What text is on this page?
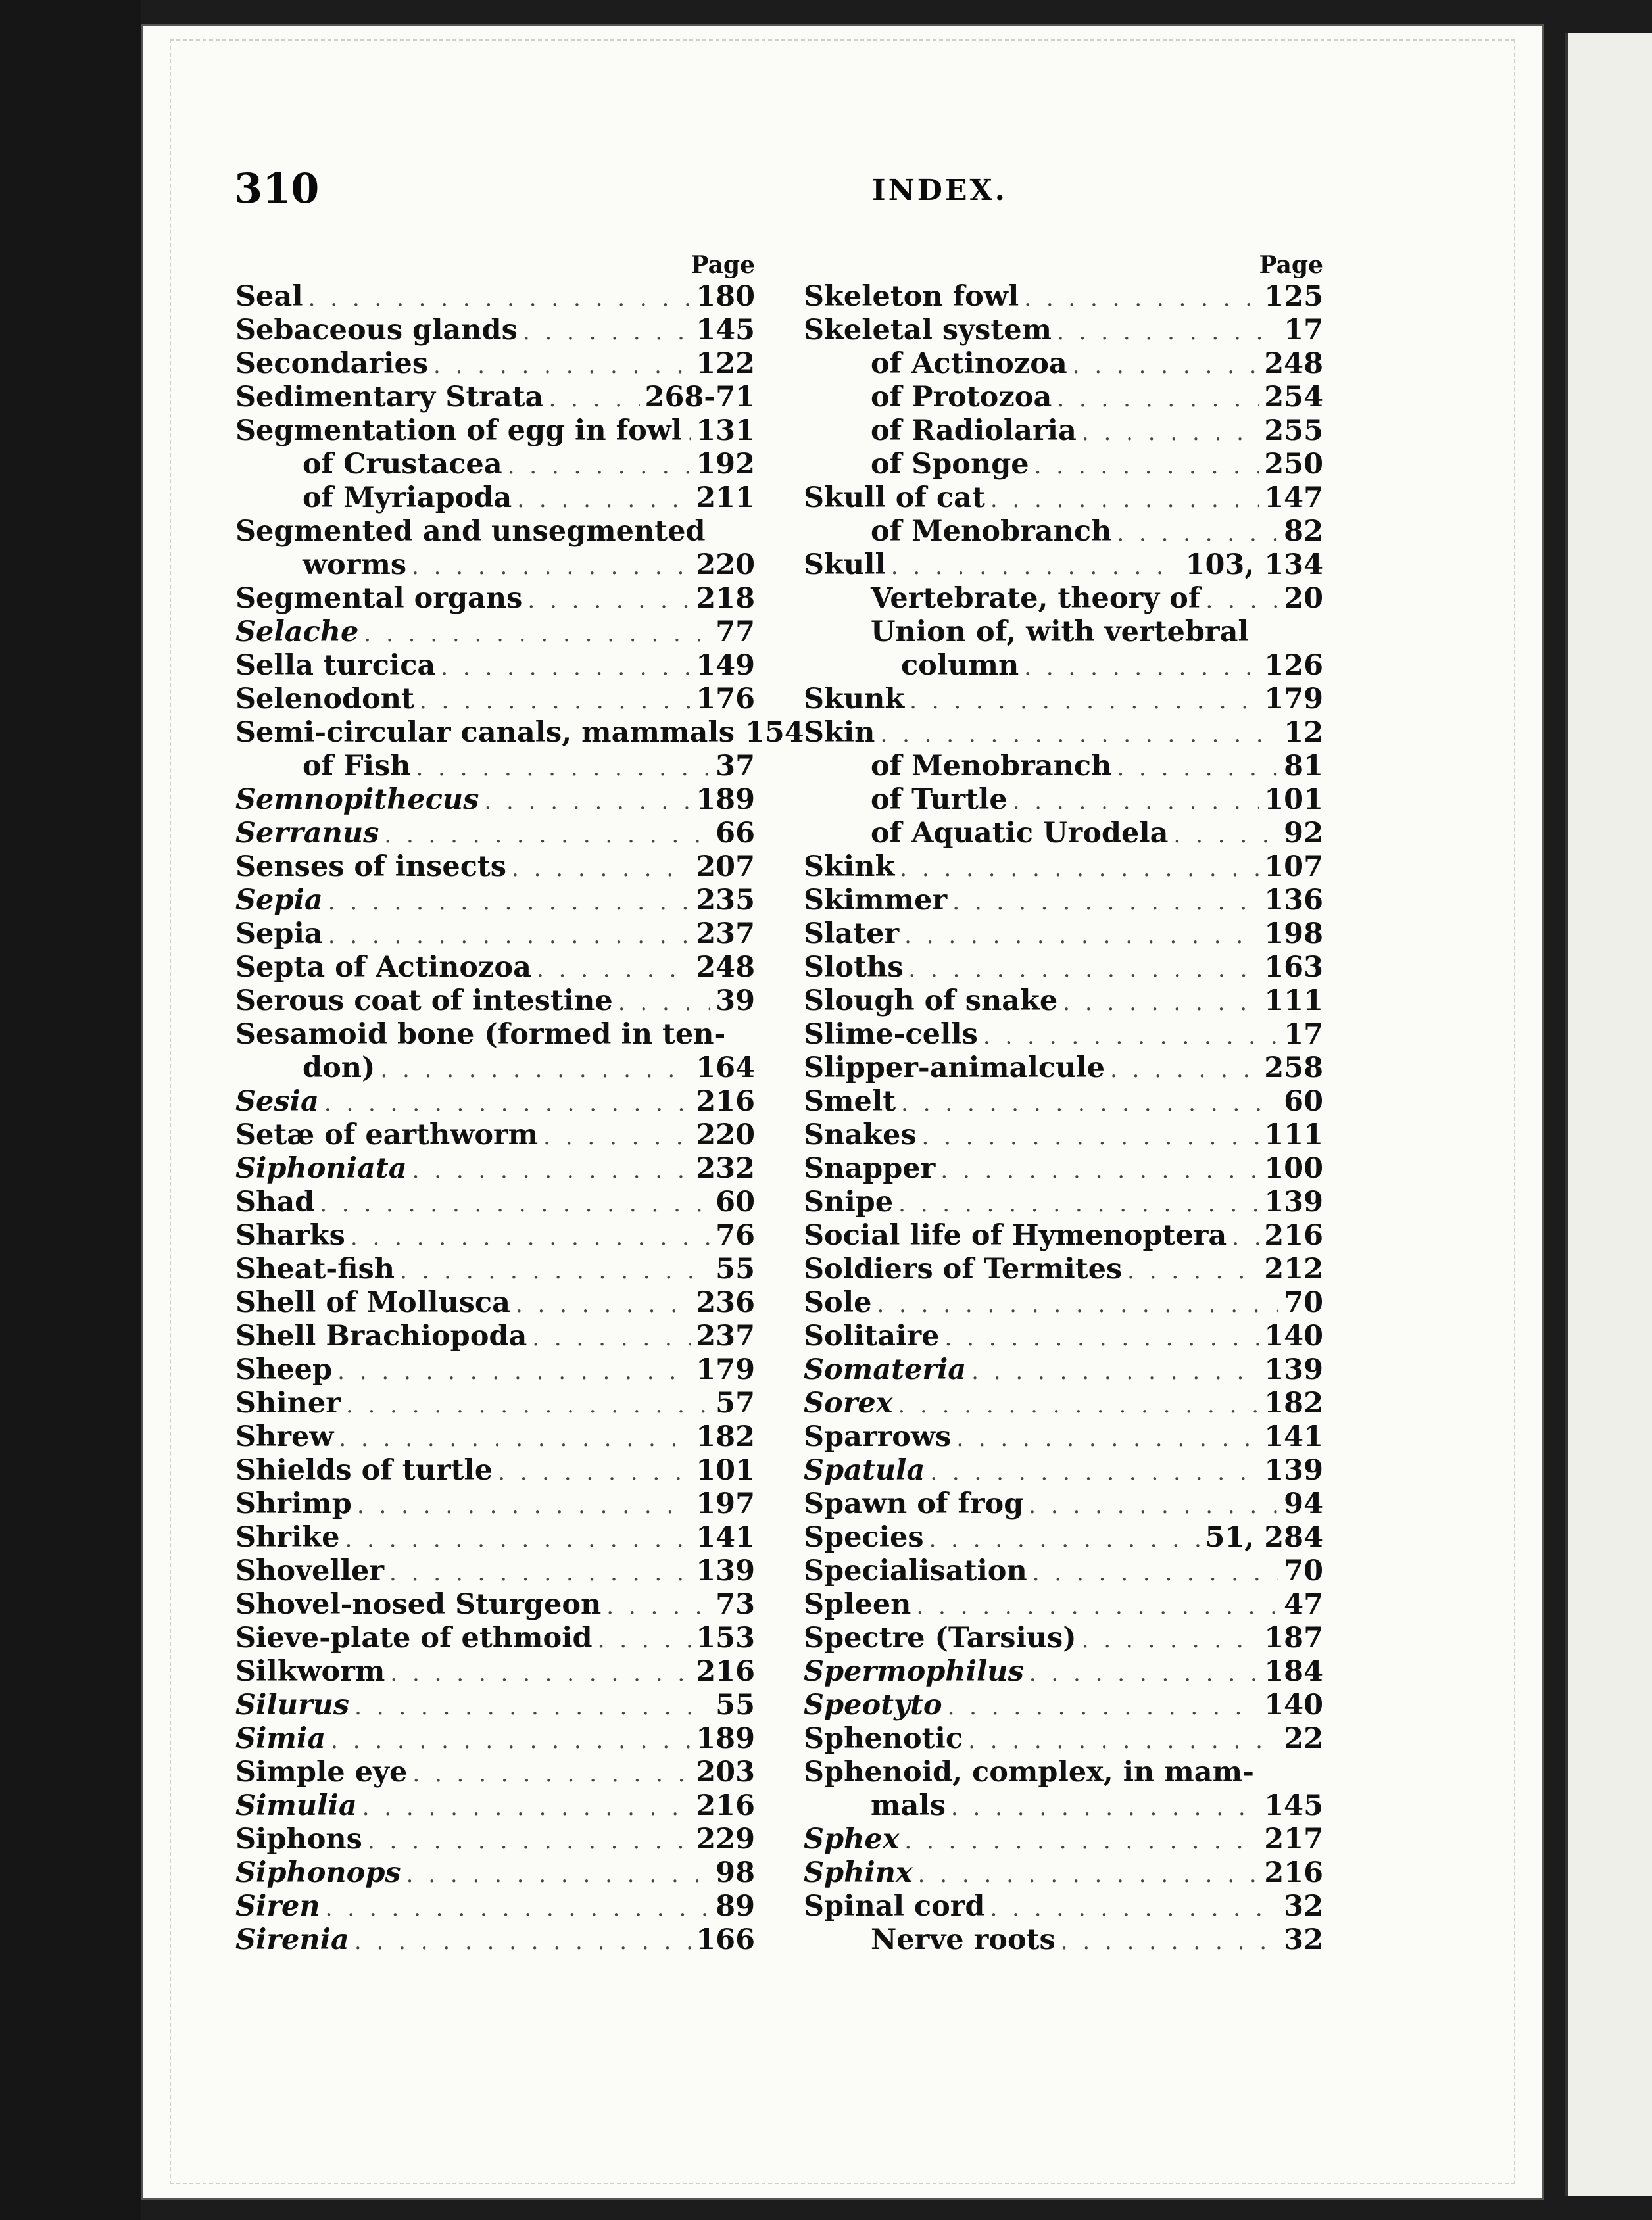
310	INDEX.
Page
Seal . . .	180
Sebaceous glands . . .	145
Secondaries . . .	122
Sedimentary Strata . . .	268-71
Segmentation of egg in fowl . . . 131
of Crustacea . . .	192
of Myriapoda . . .	211
Segmented and unsegmented
worms . . .	220
Segmental organs . . .	218
Selache . . .	77
Sella turcica . . .	149
Selenodont . . .	176
Semi-circular canals, mammals 154
of Fish . . .	37
Semnopithecus . . .	189
Serranus . . .	66
Senses of insects . . .	207
Sepia . . .	235
Sepia . . .	237
Septa of Actinozoa . . .	248
Serous coat of intestine . . .	39
Sesamoid bone (formed in ten-
don) . . .	164
Sesia . . .	216
Setæ of earthworm . . .	220
Siphoniata . . .	232
Shad . . .	60
Sharks . . .	76
Sheat-fish . . .	55
Shell of Mollusca . . .	236
Shell Brachiopoda . . .	237
Sheep . . .	179
Shiner . . .	57
Shrew . . .	182
Shields of turtle . . .	101
Shrimp . . .	197
Shrike . . .	141
Shoveller . . .	139
Shovel-nosed Sturgeon . . .	73
Sieve-plate of ethmoid . . .	153
Silkworm . . .	216
Silurus . . .	55
Simia . . .	189
Simple eye . . .	203
Simulia . . .	216
Siphons . . .	229
Siphonops . . .	98
Siren . . .	89
Sirenia . . .	166
Page
Skeleton fowl . . .	125
Skeletal system . . .	17
of Actinozoa . . .	248
of Protozoa . . .	254
of Radiolaria . . .	255
of Sponge . . .	250
Skull of cat . . .	147
of Menobranch . . .	82
Skull . . .	103, 134
Vertebrate, theory of . . .	20
Union of, with vertebral
column . . .	126
Skunk . . .	179
Skin . . .	12
of Menobranch . . .	81
of Turtle . . .	101
of Aquatic Urodela . . .	92
Skink . . .	107
Skimmer . . .	136
Slater . . .	198
Sloths . . .	163
Slough of snake . . .	111
Slime-cells . . .	17
Slipper-animalcule . . .	258
Smelt . . .	60
Snakes . . .	111
Snapper . . .	100
Snipe . . .	139
Social life of Hymenoptera . . . 216
Soldiers of Termites . . .	212
Sole . . .	70
Solitaire . . .	140
Somateria . . .	139
Sorex . . .	182
Sparrows . . .	141
Spatula . . .	139
Spawn of frog . . .	94
Species . . .	51, 284
Specialisation . . .	70
Spleen . . .	47
Spectre (Tarsius) . . .	187
Spermophilus . . .	184
Speotyto . . .	140
Sphenotic . . .	22
Sphenoid, complex, in mam-
mals . . .	145
Sphex . . .	217
Sphinx . . .	216
Spinal cord . . .	32
Nerve roots . . .	32
